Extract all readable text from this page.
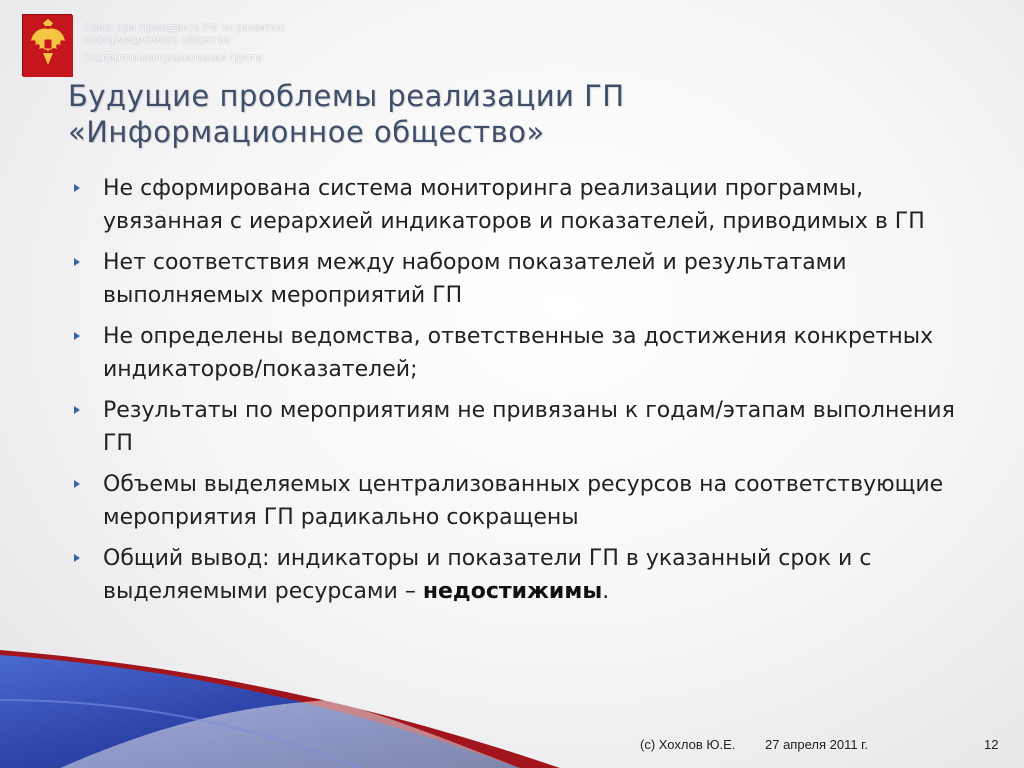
Совет при Президенте РФ по развитию
информационного общества
Экспертно-консультативная группа
Будущие проблемы реализации ГП
«Информационное общество»
Не сформирована система мониторинга реализации программы, увязанная с иерархией индикаторов и показателей, приводимых в ГП
Нет соответствия между набором показателей и результатами выполняемых мероприятий ГП
Не определены ведомства, ответственные за достижения конкретных индикаторов/показателей;
Результаты по мероприятиям не привязаны к годам/этапам выполнения ГП
Объемы выделяемых централизованных ресурсов на соответствующие мероприятия ГП радикально сокращены
Общий вывод: индикаторы и показатели ГП в указанный срок и с выделяемыми ресурсами – недостижимы.
(с) Хохлов Ю.Е. 27 апреля 2011 г.	12
